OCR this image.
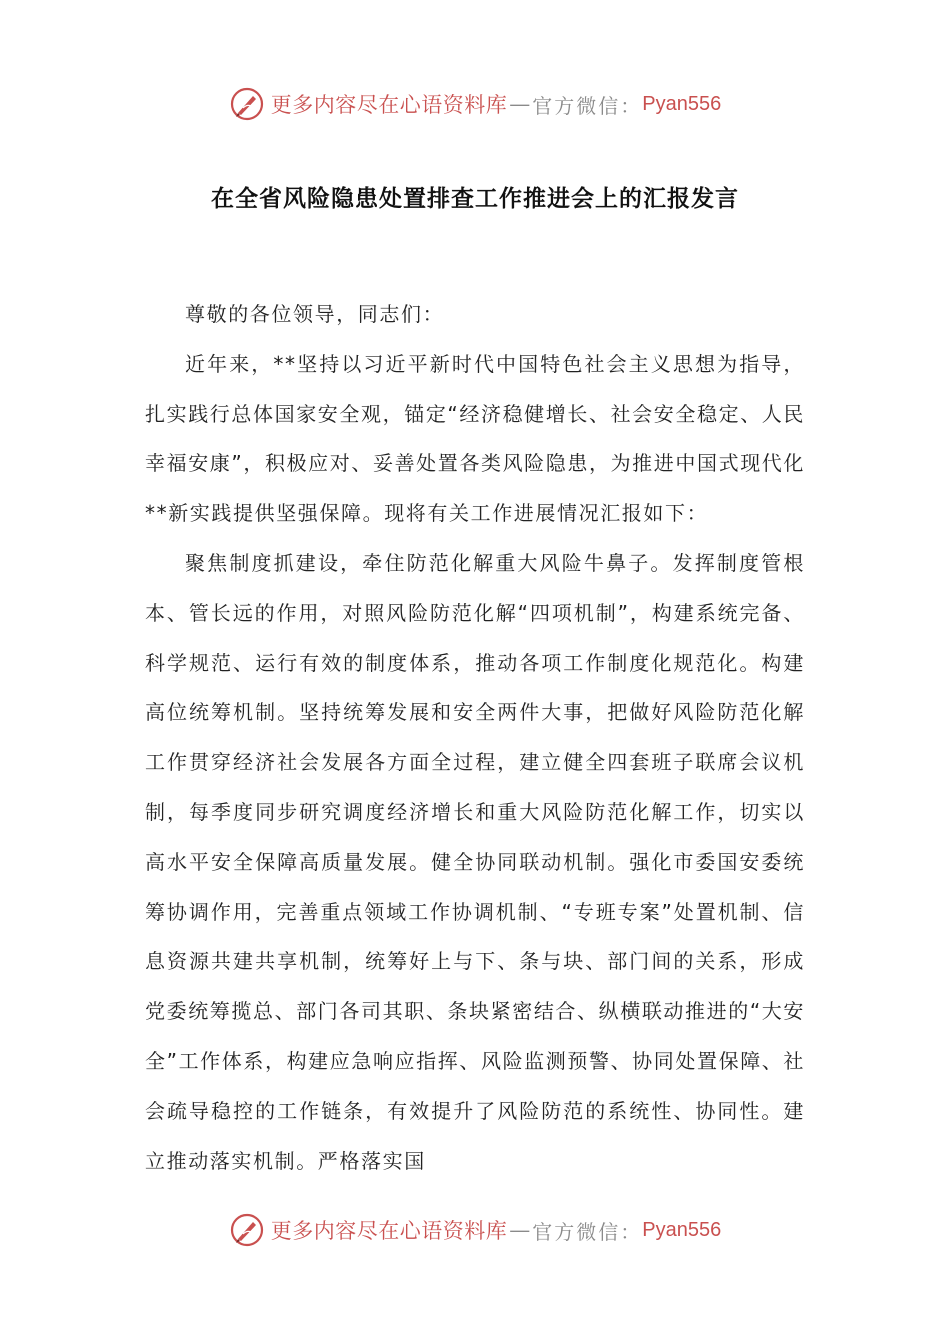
更多内容尽在心语资料库 — 官方微信： Pyan556
在全省风险隐患处置排查工作推进会上的汇报发言

尊敬的各位领导，同志们：

近年来，**坚持以习近平新时代中国特色社会主义思想为指导，扎实践行总体国家安全观，锚定“经济稳健增长、社会安全稳定、人民幸福安康”，积极应对、妥善处置各类风险隐患，为推进中国式现代化**新实践提供坚强保障。现将有关工作进展情况汇报如下：

聚焦制度抓建设，牵住防范化解重大风险牛鼻子。发挥制度管根本、管长远的作用，对照风险防范化解“四项机制”，构建系统完备、科学规范、运行有效的制度体系，推动各项工作制度化规范化。构建高位统筹机制。坚持统筹发展和安全两件大事，把做好风险防范化解工作贯穿经济社会发展各方面全过程，建立健全四套班子联席会议机制，每季度同步研究调度经济增长和重大风险防范化解工作，切实以高水平安全保障高质量发展。健全协同联动机制。强化市委国安委统筹协调作用，完善重点领域工作协调机制、“专班专案”处置机制、信息资源共建共享机制，统筹好上与下、条与块、部门间的关系，形成党委统筹揽总、部门各司其职、条块紧密结合、纵横联动推进的“大安全”工作体系，构建应急响应指挥、风险监测预警、协同处置保障、社会疏导稳控的工作链条，有效提升了风险防范的系统性、协同性。建立推动落实机制。严格落实国

更多内容尽在心语资料库 — 官方微信： Pyan556
